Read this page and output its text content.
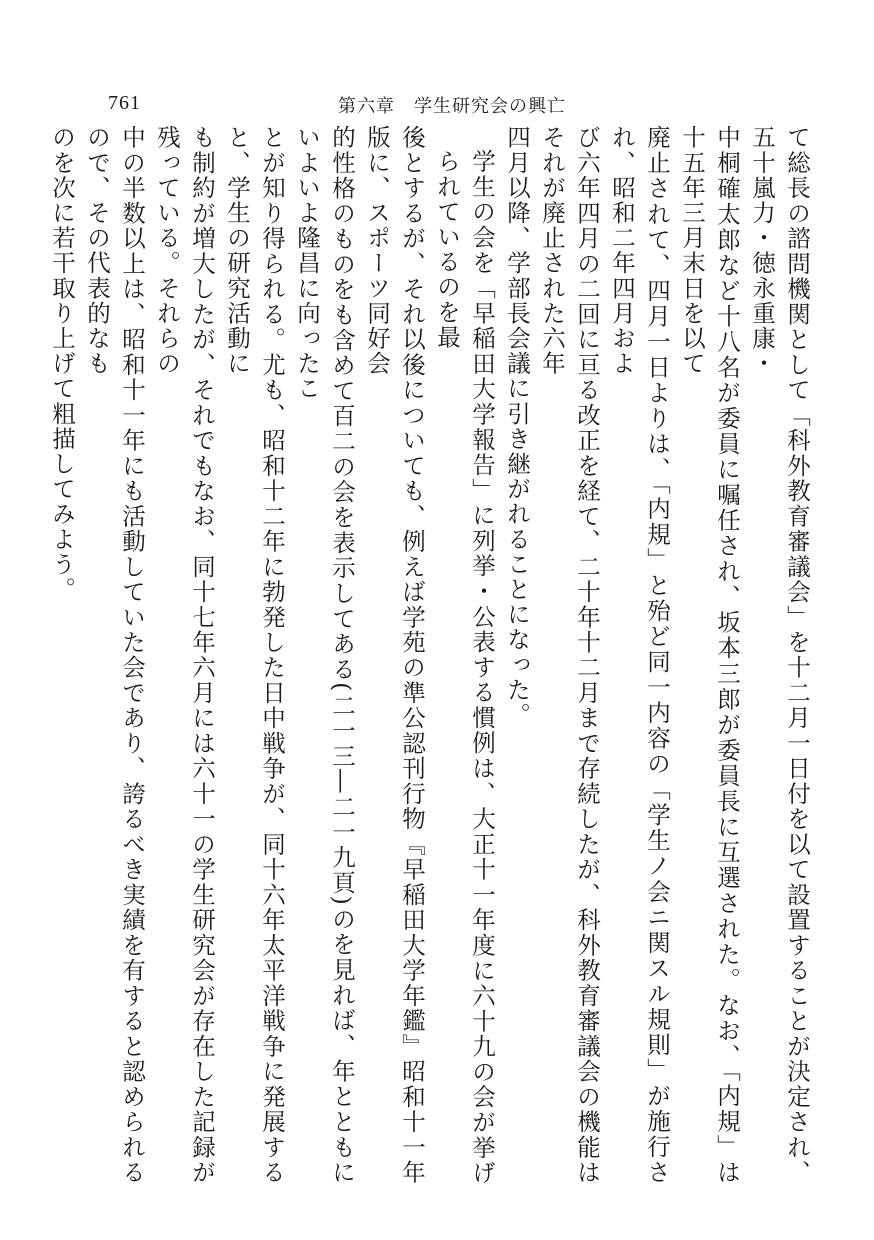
761	第六章　学生研究会の興亡

て総長の諮問機関として「科外教育審議会」を十二月一日付を以て設置することが決定され、五十嵐力・徳永重康・
中桐確太郎など十八名が委員に嘱任され、坂本三郎が委員長に互選された。なお、「内規」は十五年三月末日を以て
廃止されて、四月一日よりは、「内規」と殆ど同一内容の「学生ノ会ニ関スル規則」が施行され、昭和二年四月およ
び六年四月の二回に亘る改正を経て、二十年十二月まで存続したが、科外教育審議会の機能はそれが廃止された六年
四月以降、学部長会議に引き継がれることになった。

学生の会を「早稲田大学報告」に列挙・公表する慣例は、大正十一年度に六十九の会が挙げられているのを最
後とするが、それ以後についても、例えば学苑の準公認刊行物『早稲田大学年鑑』昭和十一年版に、スポーツ同好会
的性格のものをも含めて百二の会を表示してある(二一三―二一九頁)のを見れば、年とともにいよいよ隆昌に向ったこ
とが知り得られる。尤も、昭和十二年に勃発した日中戦争が、同十六年太平洋戦争に発展すると、学生の研究活動に
も制約が増大したが、それでもなお、同十七年六月には六十一の学生研究会が存在した記録が残っている。それらの
中の半数以上は、昭和十一年にも活動していた会であり、誇るべき実績を有すると認められるので、その代表的なも
のを次に若干取り上げて粗描してみよう。
